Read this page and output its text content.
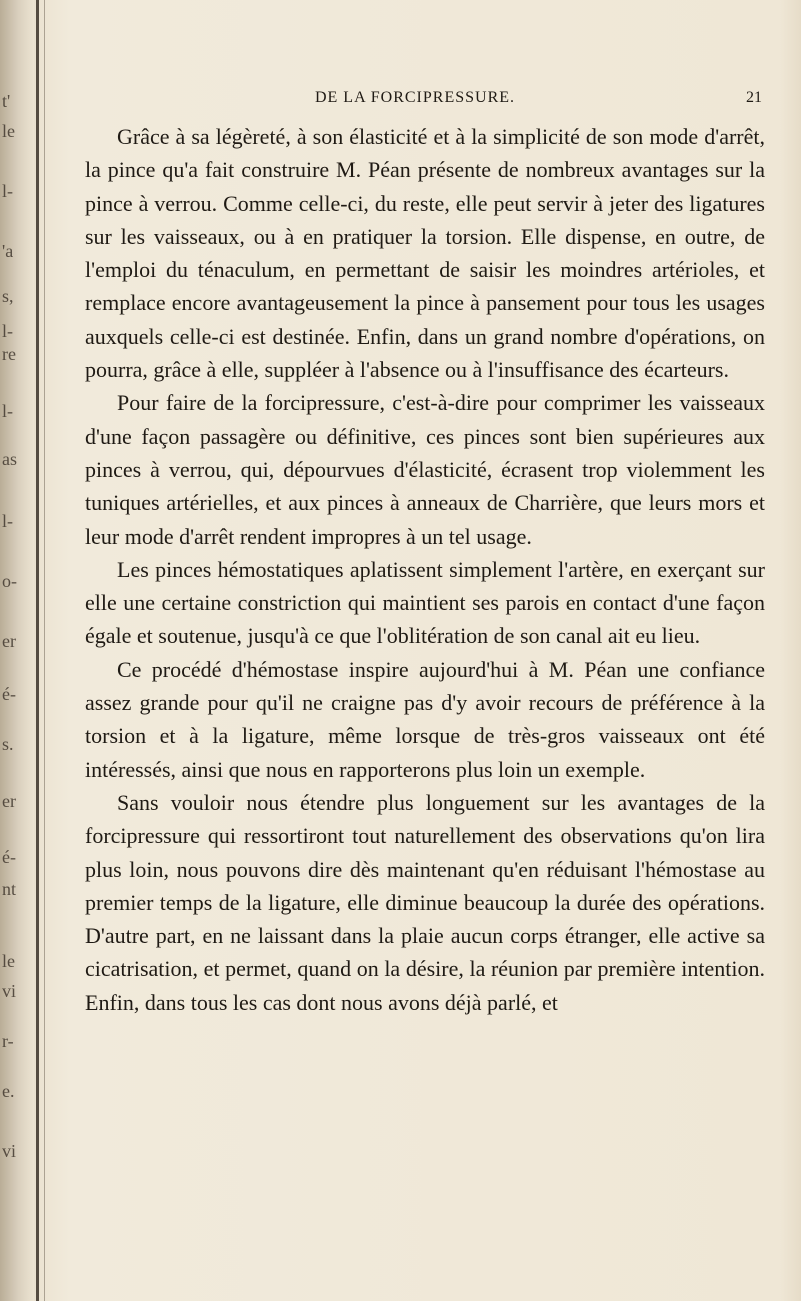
t'
le
l-
'a
s,
l-
re
l-
as
l-
o-
er
é-
s.
er
é-
nt
le
vi
r-
e.
vi
DE LA FORCIPRESSURE.	21

Grâce à sa légèreté, à son élasticité et à la simplicité de son mode d'arrêt, la pince qu'a fait construire M. Péan présente de nombreux avantages sur la pince à verrou. Comme celle-ci, du reste, elle peut servir à jeter des ligatures sur les vaisseaux, ou à en pratiquer la torsion. Elle dispense, en outre, de l'emploi du ténaculum, en permettant de saisir les moindres artérioles, et remplace encore avantageusement la pince à pansement pour tous les usages auxquels celle-ci est destinée. Enfin, dans un grand nombre d'opérations, on pourra, grâce à elle, suppléer à l'absence ou à l'insuffisance des écarteurs.

Pour faire de la forcipressure, c'est-à-dire pour comprimer les vaisseaux d'une façon passagère ou définitive, ces pinces sont bien supérieures aux pinces à verrou, qui, dépourvues d'élasticité, écrasent trop violemment les tuniques artérielles, et aux pinces à anneaux de Charrière, que leurs mors et leur mode d'arrêt rendent impropres à un tel usage.

Les pinces hémostatiques aplatissent simplement l'artère, en exerçant sur elle une certaine constriction qui maintient ses parois en contact d'une façon égale et soutenue, jusqu'à ce que l'oblitération de son canal ait eu lieu.

Ce procédé d'hémostase inspire aujourd'hui à M. Péan une confiance assez grande pour qu'il ne craigne pas d'y avoir recours de préférence à la torsion et à la ligature, même lorsque de très-gros vaisseaux ont été intéressés, ainsi que nous en rapporterons plus loin un exemple.

Sans vouloir nous étendre plus longuement sur les avantages de la forcipressure qui ressortiront tout naturellement des observations qu'on lira plus loin, nous pouvons dire dès maintenant qu'en réduisant l'hémostase au premier temps de la ligature, elle diminue beaucoup la durée des opérations. D'autre part, en ne laissant dans la plaie aucun corps étranger, elle active sa cicatrisation, et permet, quand on la désire, la réunion par première intention. Enfin, dans tous les cas dont nous avons déjà parlé, et
